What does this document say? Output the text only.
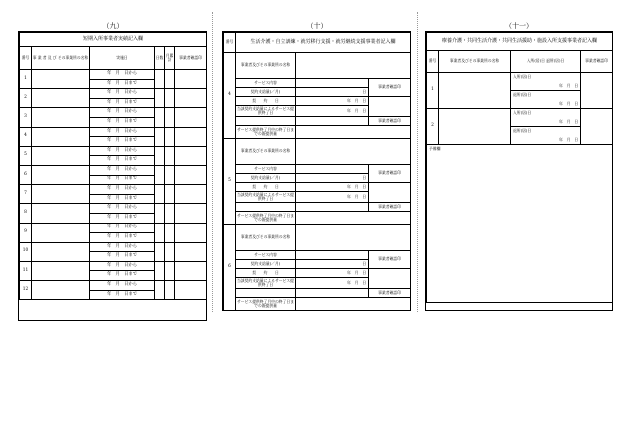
（九）
短期入所事業者実績記入欄					
番号	事 業 者 及 び その事業所の名称	実施日	日数	月累計	事業者確認印
1		年　月　日から			
		年　月　日まで			
2		年　月　日から			
		年　月　日まで			
3		年　月　日から			
		年　月　日まで			
4		年　月　日から			
		年　月　日まで			
5		年　月　日から			
		年　月　日まで			
6		年　月　日から			
		年　月　日まで			
7		年　月　日から			
		年　月　日まで			
8		年　月　日から			
		年　月　日まで			
9		年　月　日から			
		年　月　日まで			
10		年　月　日から			
		年　月　日まで			
11		年　月　日から			
		年　月　日まで			
12		年　月　日から			
		年　月　日まで			
（十）
番号	生活介護・自立訓練・就労移行支援・就労継続支援事業者記入欄		
4	事業者及びその事業所の名称		
	サービス内容		事業者確認印
	契約支給量(／月)	日	
	契　　約　　日	年　月　日	
	当該契約支給量によるサービス提供終了日	年　月　日	
			事業者確認印
	サービス提供終了月中の終了日までの既提供量		
5	事業者及びその事業所の名称		
	サービス内容		事業者確認印
	契約支給量(／月)	日	
	契　　約　　日	年　月　日	
	当該契約支給量によるサービス提供終了日	年　月　日	
			事業者確認印
	サービス提供終了月中の終了日までの既提供量		
6	事業者及びその事業所の名称		
	サービス内容		事業者確認印
	契約支給量(／月)	日	
	契　　約　　日	年　月　日	
	当該契約支給量によるサービス提供終了日	年　月　日	
			事業者確認印
	サービス提供終了月中の終了日までの既提供量		
（十一）
療養介護・共同生活介護・共同生活援助・施設入所支援事業者記入欄			
番号	事業者及びその事業所の名称	入所(居)日 退所(居)日	事業者確認印
1		入所(居)日	
		年　月　日	
		退所(居)日	
		年　月　日	
2		入所(居)日	
		年　月　日	
		退所(居)日	
		年　月　日	
予備欄			
